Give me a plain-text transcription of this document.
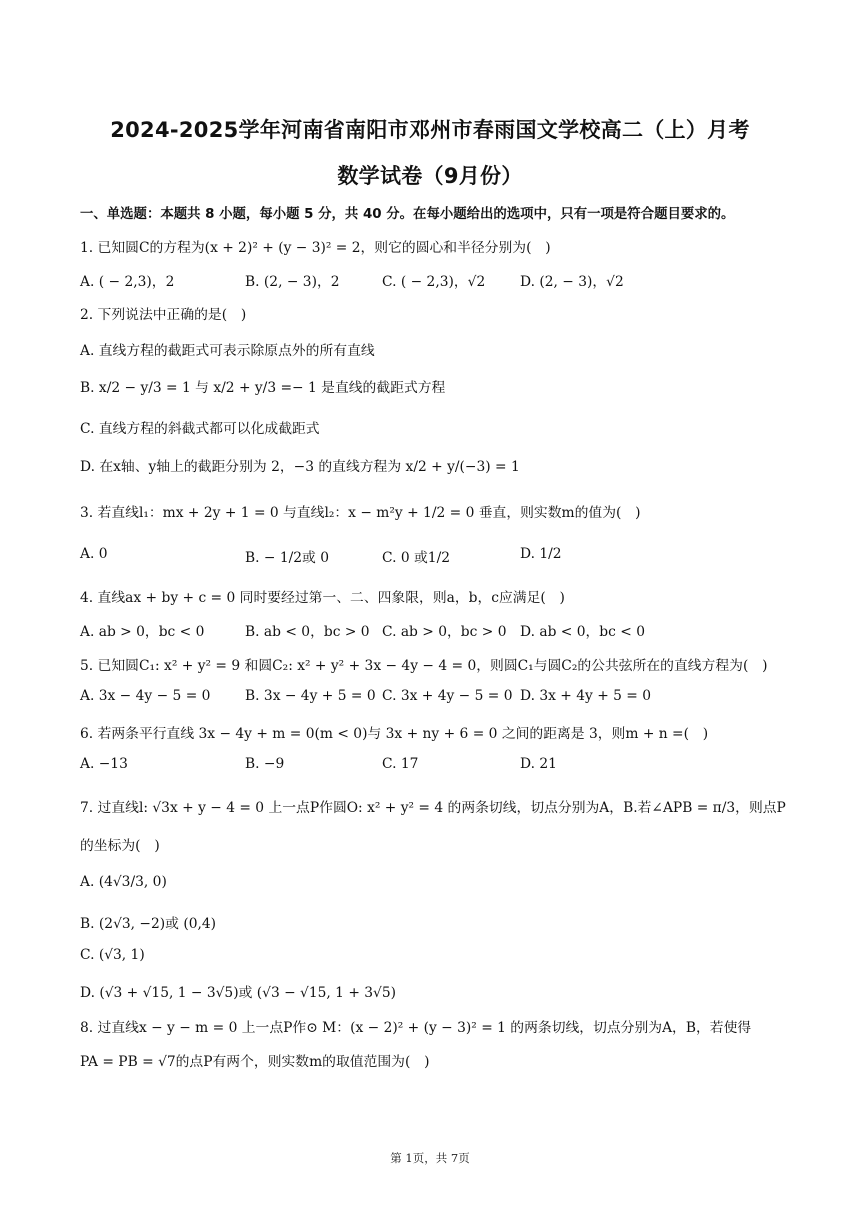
2024-2025学年河南省南阳市邓州市春雨国文学校高二（上）月考
数学试卷（9月份）
一、单选题：本题共 8 小题，每小题 5 分，共 40 分。在每小题给出的选项中，只有一项是符合题目要求的。
1. 已知圆C的方程为(x + 2)² + (y − 3)² = 2，则它的圆心和半径分别为(　)
A. ( − 2,3)，2	B. (2, − 3)，2	C. ( − 2,3)，√2	D. (2, − 3)，√2
2. 下列说法中正确的是(　)
A. 直线方程的截距式可表示除原点外的所有直线
B. x/2 − y/3 = 1 与 x/2 + y/3 =− 1 是直线的截距式方程
C. 直线方程的斜截式都可以化成截距式
D. 在x轴、y轴上的截距分别为 2，−3 的直线方程为 x/2 + y/(−3) = 1
3. 若直线l₁：mx + 2y + 1 = 0 与直线l₂：x − m²y + 1/2 = 0 垂直，则实数m的值为(　)
A. 0	B. − 1/2或 0	C. 0 或1/2	D. 1/2
4. 直线ax + by + c = 0 同时要经过第一、二、四象限，则a，b，c应满足(　)
A. ab > 0，bc < 0	B. ab < 0，bc > 0 C. ab > 0，bc > 0 D. ab < 0，bc < 0
5. 已知圆C₁: x² + y² = 9 和圆C₂: x² + y² + 3x − 4y − 4 = 0，则圆C₁与圆C₂的公共弦所在的直线方程为(　)
A. 3x − 4y − 5 = 0	B. 3x − 4y + 5 = 0 C. 3x + 4y − 5 = 0 D. 3x + 4y + 5 = 0
6. 若两条平行直线 3x − 4y + m = 0(m < 0)与 3x + ny + 6 = 0 之间的距离是 3，则m + n =(　)
A. −13	B. −9	C. 17	D. 21
7. 过直线l: √3x + y − 4 = 0 上一点P作圆O: x² + y² = 4 的两条切线，切点分别为A，B.若∠APB = π/3，则点P
的坐标为(　)
A. (4√3/3, 0)
B. (2√3, −2)或 (0,4)
C. (√3, 1)
D. (√3 + √15, 1 − 3√5)或 (√3 − √15, 1 + 3√5)
8. 过直线x − y − m = 0 上一点P作⊙ M：(x − 2)² + (y − 3)² = 1 的两条切线，切点分别为A，B，若使得
PA = PB = √7的点P有两个，则实数m的取值范围为(　)
第 1页，共 7页
